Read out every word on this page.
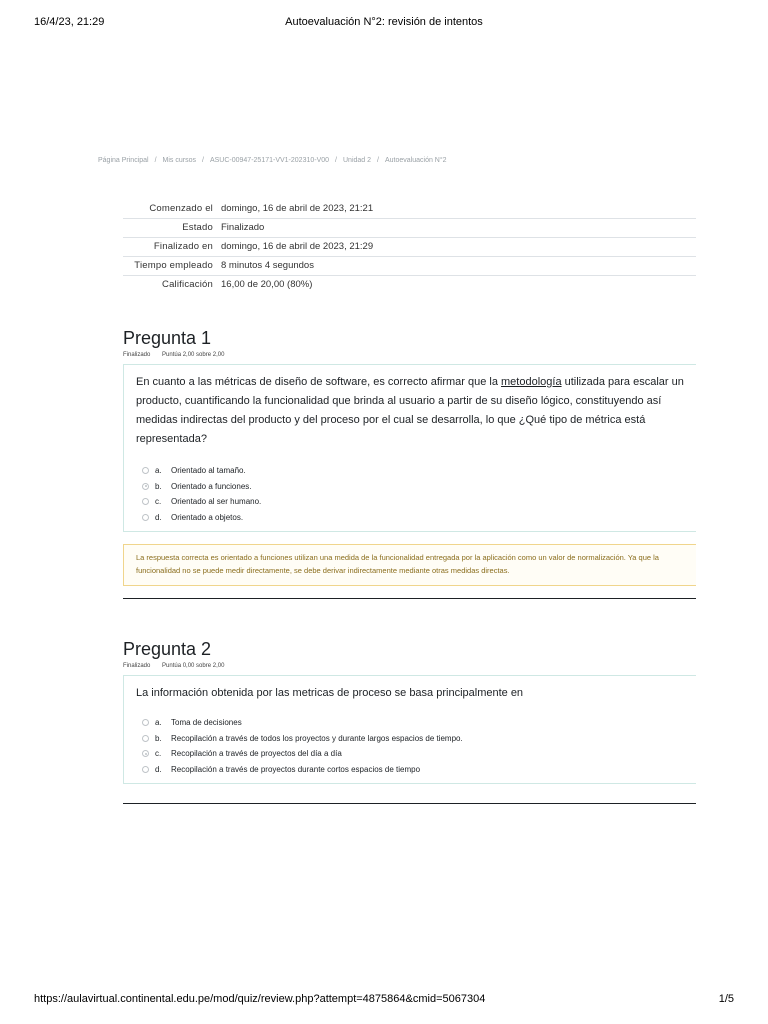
16/4/23, 21:29	Autoevaluación N°2: revisión de intentos
Página Principal / Mis cursos / ASUC-00947-25171-VV1-202310-V00 / Unidad 2 / Autoevaluación N°2
Comenzado el	domingo, 16 de abril de 2023, 21:21
Estado	Finalizado
Finalizado en	domingo, 16 de abril de 2023, 21:29
Tiempo empleado	8 minutos 4 segundos
Calificación	16,00 de 20,00 (80%)
Pregunta 1
Finalizado Puntúa 2,00 sobre 2,00
En cuanto a las métricas de diseño de software, es correcto afirmar que la metodología utilizada para escalar un producto, cuantificando la funcionalidad que brinda al usuario a partir de su diseño lógico, constituyendo así medidas indirectas del producto y del proceso por el cual se desarrolla, lo que ¿Qué tipo de métrica está representada?
a.	Orientado al tamaño.
b.	Orientado a funciones.
c.	Orientado al ser humano.
d.	Orientado a objetos.
La respuesta correcta es orientado a funciones utilizan una medida de la funcionalidad entregada por la aplicación como un valor de normalización. Ya que la funcionalidad no se puede medir directamente, se debe derivar indirectamente mediante otras medidas directas.
Pregunta 2
Finalizado Puntúa 0,00 sobre 2,00
La información obtenida por las metricas de proceso se basa principalmente en
a.	Toma de decisiones
b.	Recopilación a través de todos los proyectos y durante largos espacios de tiempo.
c.	Recopilación a través de proyectos del día a día
d.	Recopilación a través de proyectos durante cortos espacios de tiempo
https://aulavirtual.continental.edu.pe/mod/quiz/review.php?attempt=4875864&cmid=5067304	1/5
